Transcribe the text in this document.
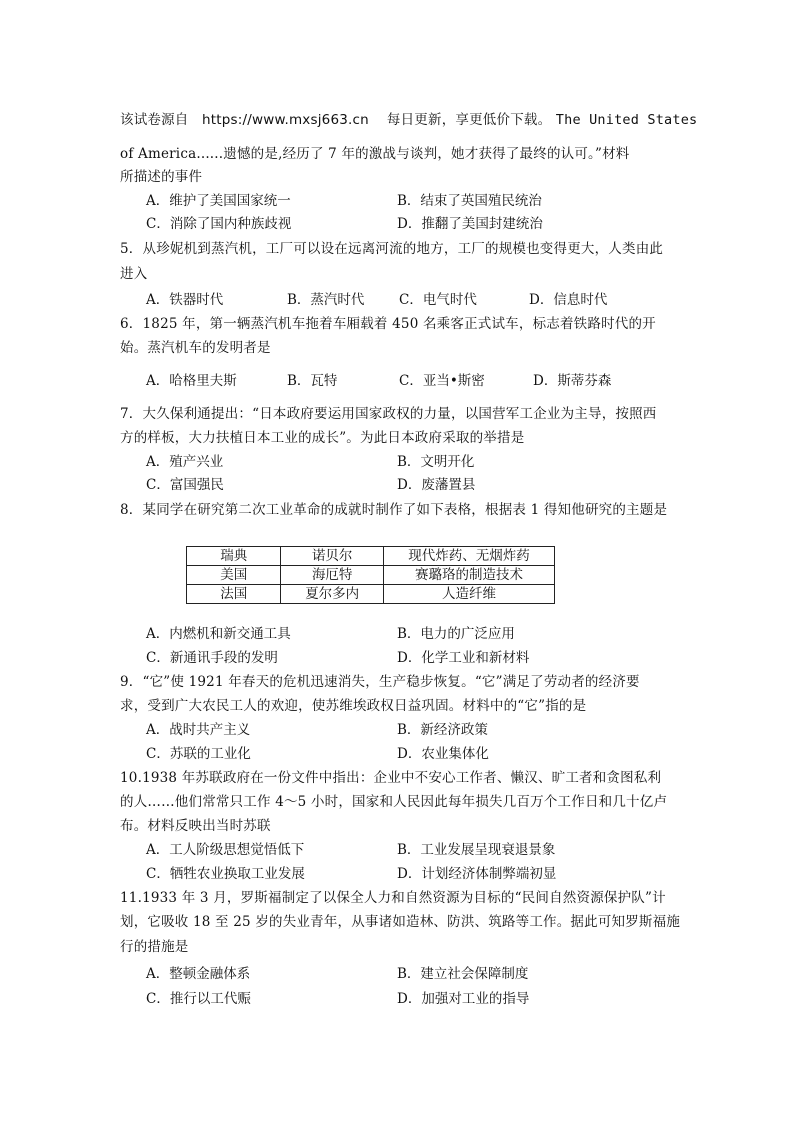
该试卷源自 https://www.mxsj663.cn 每日更新，享更低价下载。 The United States
of America......遗憾的是,经历了 7 年的激战与谈判，她才获得了最终的认可。”材料
所描述的事件
A．维护了美国国家统一	B．结束了英国殖民统治
C．消除了国内种族歧视	D．推翻了美国封建统治
5．从珍妮机到蒸汽机，工厂可以设在远离河流的地方，工厂的规模也变得更大，人类由此
进入
A．铁器时代	B．蒸汽时代	C．电气时代	D．信息时代
6．1825 年，第一辆蒸汽机车拖着车厢载着 450 名乘客正式试车，标志着铁路时代的开
始。蒸汽机车的发明者是
A．哈格里夫斯	B．瓦特	C．亚当•斯密	D．斯蒂芬森
7．大久保利通提出：“日本政府要运用国家政权的力量，以国营军工企业为主导，按照西
方的样板，大力扶植日本工业的成长”。为此日本政府采取的举措是
A．殖产兴业	B．文明开化
C．富国强民	D．废藩置县
8．某同学在研究第二次工业革命的成就时制作了如下表格，根据表 1 得知他研究的主题是
瑞典	诺贝尔	现代炸药、无烟炸药
美国	海厄特	赛璐珞的制造技术
法国	夏尔多内	人造纤维
A．内燃机和新交通工具	B．电力的广泛应用
C．新通讯手段的发明	D．化学工业和新材料
9．“它”使 1921 年春天的危机迅速消失，生产稳步恢复。“它”满足了劳动者的经济要
求，受到广大农民工人的欢迎，使苏维埃政权日益巩固。材料中的“它”指的是
A．战时共产主义	B．新经济政策
C．苏联的工业化	D．农业集体化
10.1938 年苏联政府在一份文件中指出：企业中不安心工作者、懒汉、旷工者和贪图私利
的人……他们常常只工作 4～5 小时，国家和人民因此每年损失几百万个工作日和几十亿卢
布。材料反映出当时苏联
A．工人阶级思想觉悟低下	B．工业发展呈现衰退景象
C．牺牲农业换取工业发展	D．计划经济体制弊端初显
11.1933 年 3 月，罗斯福制定了以保全人力和自然资源为目标的“民间自然资源保护队”计
划，它吸收 18 至 25 岁的失业青年，从事诸如造林、防洪、筑路等工作。据此可知罗斯福施
行的措施是
A．整顿金融体系	B．建立社会保障制度
C．推行以工代赈	D．加强对工业的指导
